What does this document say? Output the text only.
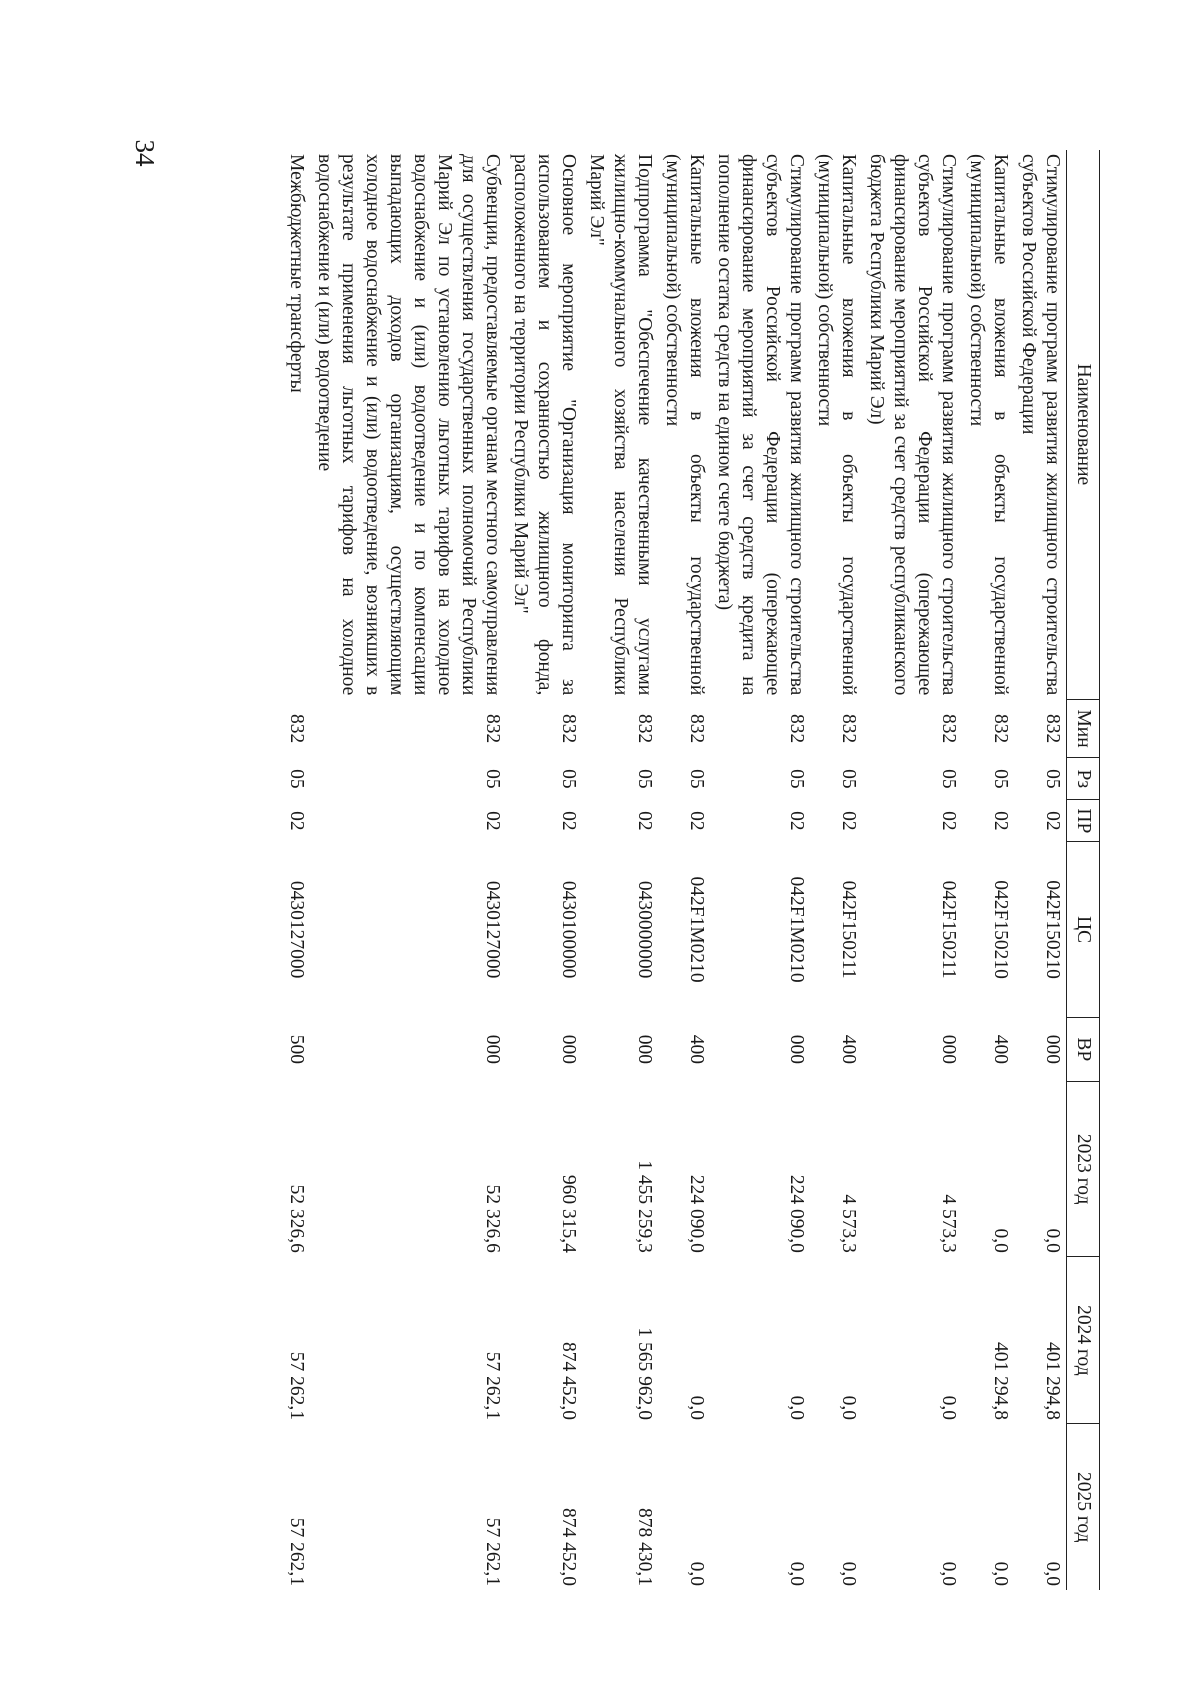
34
Наименование	Мин	Рз	ПР	ЦС	ВР	2023 год	2024 год	2025 год
Стимулирование программ развития жилищного строительства субъектов Российской Федерации	832	05	02	042F150210	000	0,0	401 294,8	0,0
Капитальные вложения в объекты государственной (муниципальной) собственности	832	05	02	042F150210	400	0,0	401 294,8	0,0
Стимулирование программ развития жилищного строительства субъектов Российской Федерации (опережающее финансирование мероприятий за счет средств республиканского бюджета Республики Марий Эл)	832	05	02	042F150211	000	4 573,3	0,0	0,0
Капитальные вложения в объекты государственной (муниципальной) собственности	832	05	02	042F150211	400	4 573,3	0,0	0,0
Стимулирование программ развития жилищного строительства субъектов Российской Федерации (опережающее финансирование мероприятий за счет средств кредита на пополнение остатка средств на едином счете бюджета)	832	05	02	042F1M0210	000	224 090,0	0,0	0,0
Капитальные вложения в объекты государственной (муниципальной) собственности	832	05	02	042F1M0210	400	224 090,0	0,0	0,0
Подпрограмма "Обеспечение качественными услугами жилищно-коммунального хозяйства населения Республики Марий Эл"	832	05	02	0430000000	000	1 455 259,3	1 565 962,0	878 430,1
Основное мероприятие "Организация мониторинга за использованием и сохранностью жилищного фонда, расположенного на территории Республики Марий Эл"	832	05	02	0430100000	000	960 315,4	874 452,0	874 452,0
Субвенции, предоставляемые органам местного самоуправления для осуществления государственных полномочий Республики Марий Эл по установлению льготных тарифов на холодное водоснабжение и (или) водоотведение и по компенсации выпадающих доходов организациям, осуществляющим холодное водоснабжение и (или) водоотведение, возникших в результате применения льготных тарифов на холодное водоснабжение и (или) водоотведение	832	05	02	0430127000	000	52 326,6	57 262,1	57 262,1
Межбюджетные трансферты	832	05	02	0430127000	500	52 326,6	57 262,1	57 262,1
